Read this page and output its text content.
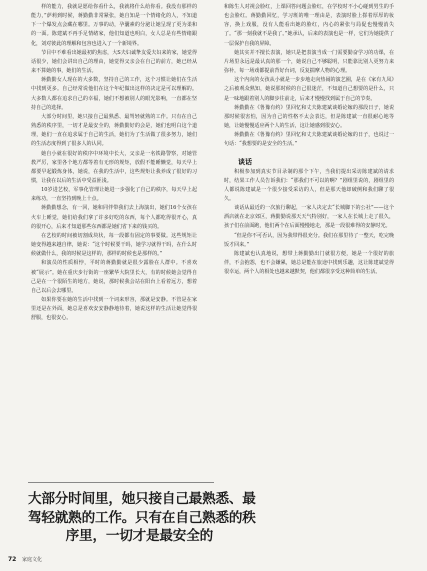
样的能力，我就是愿给你看什么，我就将什么给你看。我没有那样的能力，”萨莉到时候，蒋勤勤非常紧张，她自知是一个情绪化的人，不知道下一个爆发点会藏在哪里。万事的动，孕囊素的分泌让她呈现了更为柔和的一面。陈建斌不再手足情绪家，他们知道也明白，女人总是有些情绪跟化，刘对彼此的理解和包容也进入了一个新境界。

节目中不难看出她最初的焦虑，大S夫妇诚挚友爱夫妇来的家，她觉得话很少，她们会讲出自己的理由，她觉得父亲会在自己的前方，她已经从来不算她的事，她们的生活。

蒋勤勤女人现在的大多数，坚持自己的工作，这个习惯让她们在生活中找到更多。自己经常说他们在这个年纪做出这样的决定是可以理解的。大多数人都在追求自己的幸福，她们不想被别人的眼光影响，一直都在坚持自己的选择。

大部分时间里，她只接自己最熟悉、最驾轻就熟的工作。只有在自己熟悉的秩序里，一切才是最安全的，蒋勤勤好的会是，她们也明白这个道理，她们一直在追求属于自己的生活，她们为了生活做了很多努力，她们的生活态度得到了很多人的认同。

她自小就在很好的秩序中环境中长大，父亲是一名铁路警察，对她管教严厉，家里各个地方都等着有无形的规矩，放假不能睡懒觉，每天早上都要早起锻炼身体，她说，在我的生活中，这些规矩让我养成了很好的习惯，让我在以后的生活中受益匪浅。

10岁进艺校，军事化管理让她进一步强化了自己的秩序，每天早上起来练功，一直坚持到晚上十点。

蒋勤勤想念，有一回，她和同伴带我们去上海演出，她们16个女孩在火车上睡觉，她们给我们拿了许多好吃的东西，每个人都吃得很开心，真的很开心，后来才知道那些东西都是她们省下来的钱买的。

在艺校的时间被切割成块状，每一段都有固定的事要做。这些规矩让她变得越来越自律，她说：“这个时候要干吗，她学习就得干吗，在什么时候就做什么，我的时候是这样的，那样的时候也是那样的。”

和演员的性质相悖，平时的蒋勤勤就是很少露脸在人群中。不喜欢被“展示”。她在重庆步行街的一座繁华大院里长大，有的时候她会觉得自己是在一个很陌生的地方，她说，那时候我会站在阳台上看着远方，想着自己以后会去哪里。

如果你要在她的生活中找到一个词来形容，那就是安静。不管是在家里还是在外面，她总是喜欢安安静静地待着，她说这样的生活让她觉得很舒服，也很安心。

大部分时间里，她只接自己最熟悉、最
驾轻就熟的工作。只有在自己熟悉的秩
序里，一切才是最安全的

和陈生人对视会脸红，上课回答问题会脸红，在学校时不小心碰到男生的手也会脸红。蒋勤勤回忆，学习班的唯一理由是，表演时脸上搽着厚厚的妆容，换上戏服，没有人能看出她的脸红，内心的紧张与局促也慢慢消失了。“那一刻我就不是我了。”她承认，后来的表演也是一样，它们为她提供了一层保护自我的屏障。

她其实并不擅长表演，她只是把表演当成一门需要勤奋学习的功课，在片场里永远是最认真的那一个，她说自己不够聪明，只能靠比别人更努力来弥补，每一场戏都提前背好台词，反复揣摩人物的心理。

这个内向的女孩从小就是一步步地走向热闹的演艺圈，是在《家有九凤》之后被观众熟知，她说那时候的自己很迷茫，不知道自己想要的是什么，只是一味地跟着别人的脚步往前走，后来才慢慢找到属于自己的节奏。

蒋勤勤在《鲁豫有约》里回忆和丈夫陈建斌谈婚论嫁的那段日子，她说那时候很害怕，因为自己的性格不太会表达，但是陈建斌一直很耐心地等她，让她慢慢适应两个人的生活，这让她感到很安心。

蒋勤勤在《鲁豫有约》里回忆和丈夫陈建斌谈婚论嫁的日子，也说过一句话：“我想要的是安全的生活。”

谈话

积极参加到真实节目录制的那个下午，当我们提出采访陈建斌的请求时，结果工作人员告诉我们：“那我们不可以的啊？”剧组里说的，剧组里的人都说陈建斌是一个很少接受采访的人，但是那天他却破例和我们聊了很久。

谈话从最近的一次旅行聊起，一家人决定去“长城脚下的公社”——这个酒店就在北京郊区，蒋勤勤说那天天气特别好，一家人在长城上走了很久，孩子们在前面跑，他们两个在后面慢慢地走，那是一段很难得的安静时光。

“但是你不可否认，因为我带得很充分。我们在那里待了一整天，吃完晚饭才回来。”

陈建斌也认真地说，想带上蒋勤勤出门就很方便，她是一个很好的旅伴，不会抱怨，也不会嫌累，她总是能在旅途中找到乐趣，这让陈建斌觉得很幸运，两个人的相处也越来越默契，他们都很享受这种简单的生活。

72 家庭文化
